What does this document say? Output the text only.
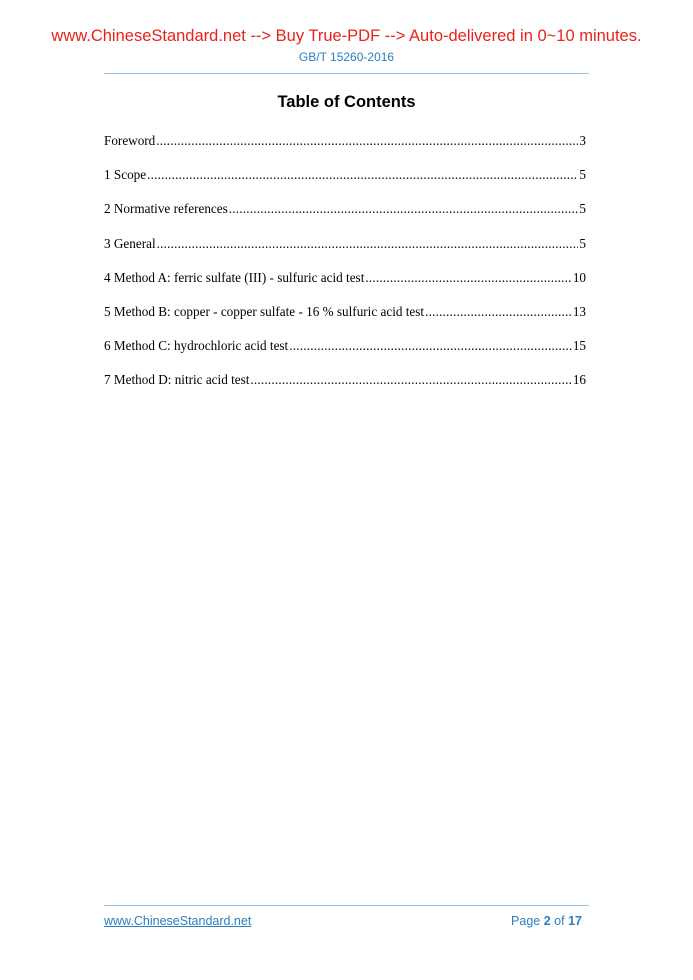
www.ChineseStandard.net --> Buy True-PDF --> Auto-delivered in 0~10 minutes.
GB/T 15260-2016
Table of Contents
Foreword .....	3
1 Scope .....	5
2 Normative references .....	5
3 General .....	5
4 Method A: ferric sulfate (III) - sulfuric acid test .....	10
5 Method B: copper - copper sulfate - 16 % sulfuric acid test .....	13
6 Method C: hydrochloric acid test .....	15
7 Method D: nitric acid test .....	16
www.ChineseStandard.net	Page 2 of 17
